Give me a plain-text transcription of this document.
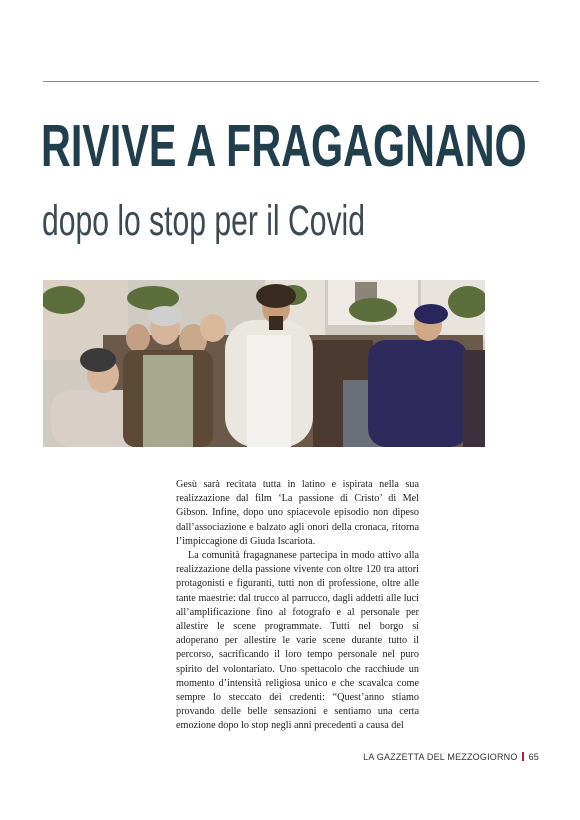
RIVIVE A FRAGAGNANO
dopo lo stop per il Covid

Gesù sarà recitata tutta in latino e ispirata nella sua realizzazione dal film ‘La passione di Cristo’ di Mel Gibson. Infine, dopo uno spiacevole episodio non dipeso dall’associazione e balzato agli onori della cronaca, ritorna l’impiccagione di Giuda Iscariota.

La comunità fragagnanese partecipa in modo attivo alla realizzazione della passione vivente con oltre 120 tra attori protagonisti e figuranti, tutti non di professione, oltre alle tante maestrie: dal trucco al parrucco, dagli addetti alle luci all’amplificazione fino al fotografo e al personale per allestire le scene programmate. Tutti nel borgo si adoperano per allestire le varie scene durante tutto il percorso, sacrificando il loro tempo personale nel puro spirito del volontariato. Uno spettacolo che racchiude un momento d’intensità religiosa unico e che scavalca come sempre lo steccato dei credenti: “Quest’anno stiamo provando delle belle sensazioni e sentiamo una certa emozione dopo lo stop negli anni precedenti a causa del

LA GAZZETTA DEL MEZZOGIORNO 65
